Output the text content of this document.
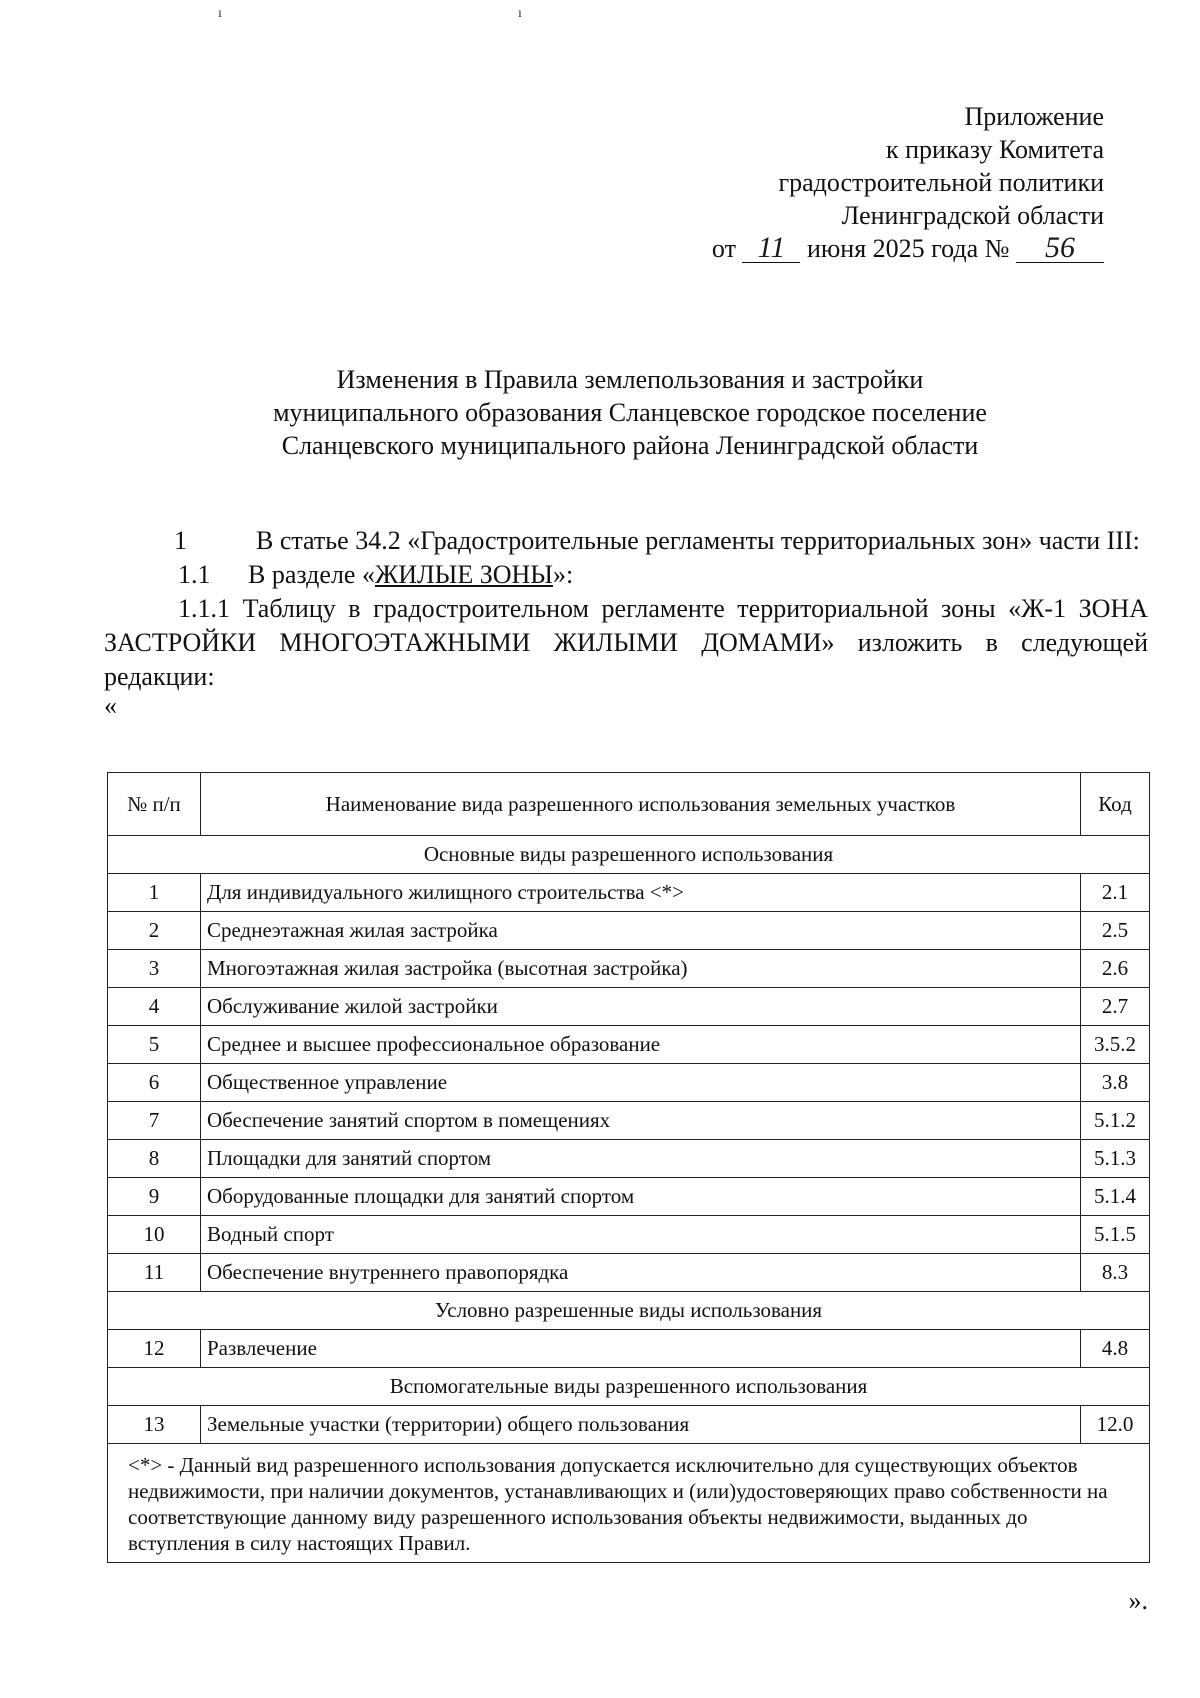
ı	ı
Приложение
к приказу Комитета
градостроительной политики
Ленинградской области
от 11 июня 2025 года № 56
Изменения в Правила землепользования и застройки
муниципального образования Сланцевское городское поселение
Сланцевского муниципального района Ленинградской области

1	В статье 34.2 «Градостроительные регламенты территориальных зон» части III:

1.1 В разделе «ЖИЛЫЕ ЗОНЫ»:

1.1.1 Таблицу в градостроительном регламенте территориальной зоны «Ж-1 ЗОНА ЗАСТРОЙКИ МНОГОЭТАЖНЫМИ ЖИЛЫМИ ДОМАМИ» изложить в следующей редакции:

«

№ п/п	Наименование вида разрешенного использования земельных участков	Код
Основные виды разрешенного использования		
1	Для индивидуального жилищного строительства <*>	2.1
2	Среднеэтажная жилая застройка	2.5
3	Многоэтажная жилая застройка (высотная застройка)	2.6
4	Обслуживание жилой застройки	2.7
5	Среднее и высшее профессиональное образование	3.5.2
6	Общественное управление	3.8
7	Обеспечение занятий спортом в помещениях	5.1.2
8	Площадки для занятий спортом	5.1.3
9	Оборудованные площадки для занятий спортом	5.1.4
10	Водный спорт	5.1.5
11	Обеспечение внутреннего правопорядка	8.3
Условно разрешенные виды использования		
12	Развлечение	4.8
Вспомогательные виды разрешенного использования		
13	Земельные участки (территории) общего пользования	12.0
<*> - Данный вид разрешенного использования допускается исключительно для существующих объектов недвижимости, при наличии документов, устанавливающих и (или)удостоверяющих право собственности на соответствующие данному виду разрешенного использования объекты недвижимости, выданных до вступления в силу настоящих Правил.		
».
